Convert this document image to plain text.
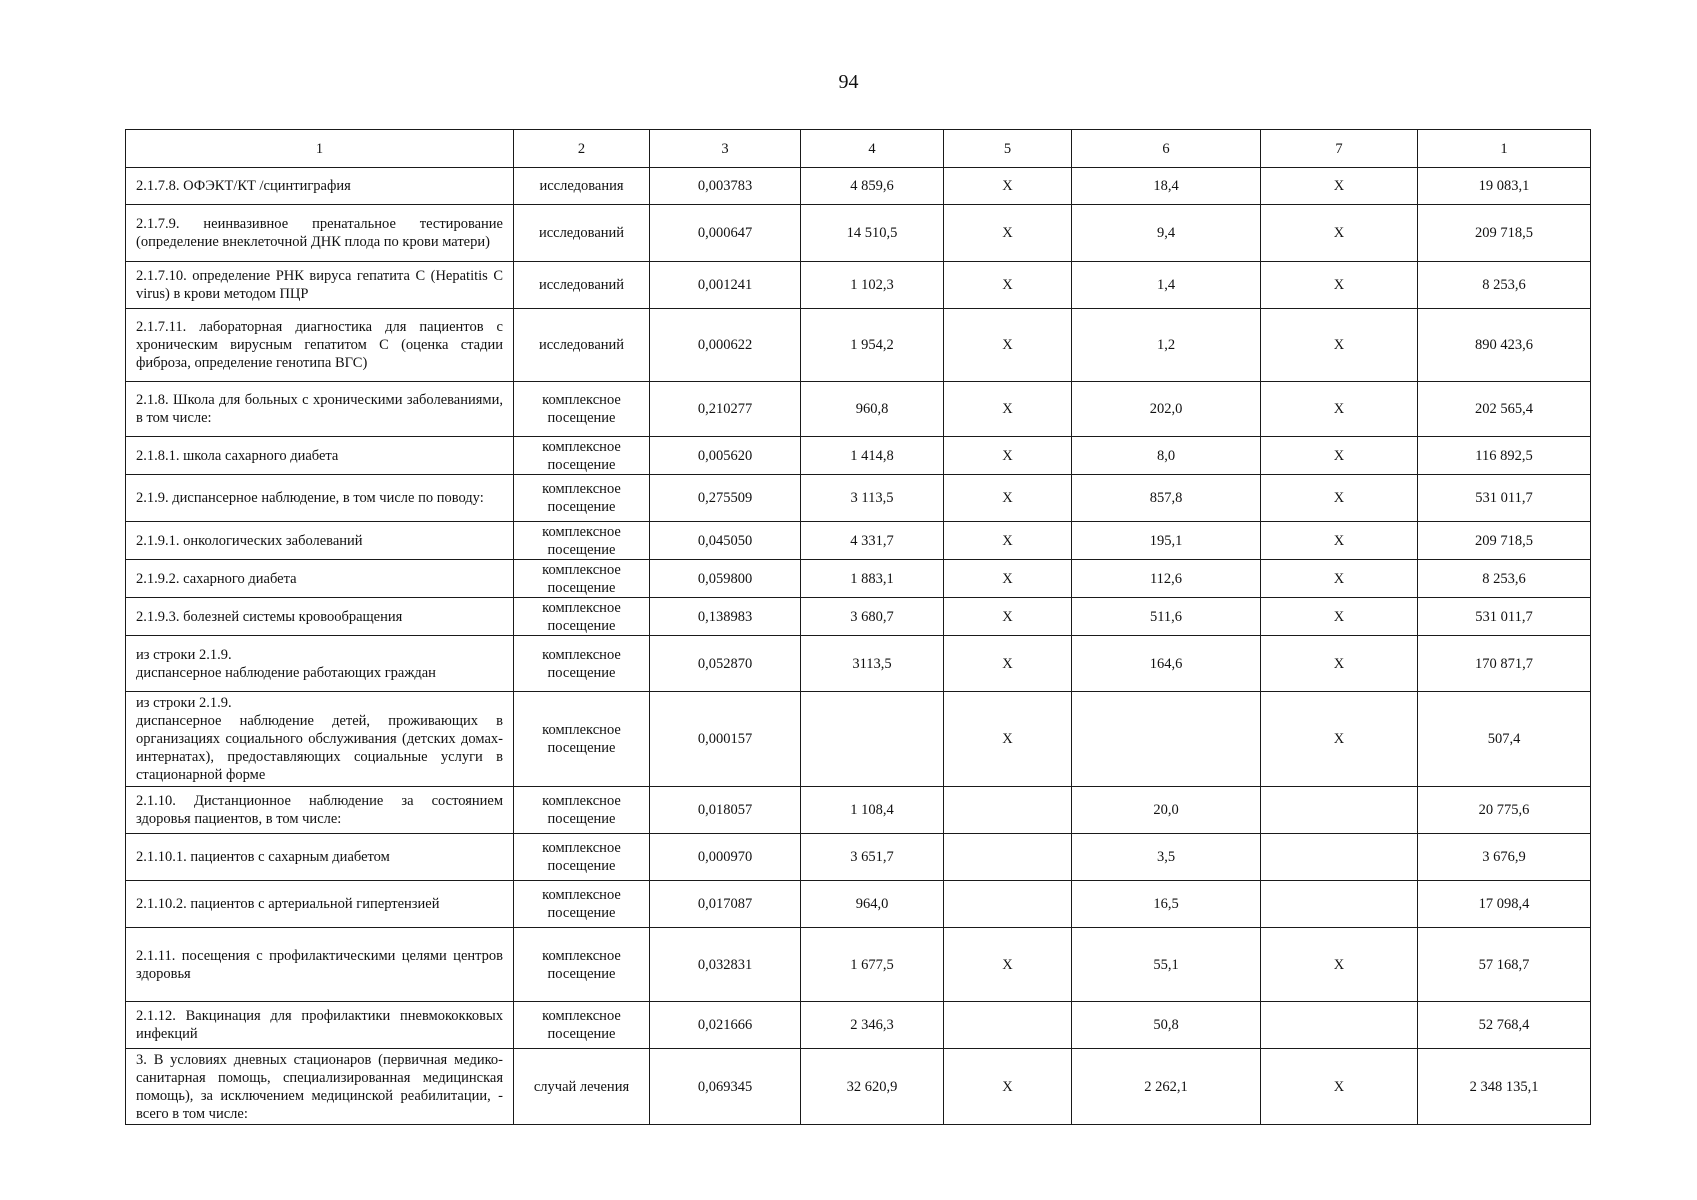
94
1	2	3	4	5	6	7	1
2.1.7.8. ОФЭКТ/КТ /сцинтиграфия	исследования	0,003783	4 859,6	Х	18,4	Х	19 083,1
2.1.7.9. неинвазивное пренатальное тестирование (определение внеклеточной ДНК плода по крови матери)	исследований	0,000647	14 510,5	Х	9,4	Х	209 718,5
2.1.7.10. определение РНК вируса гепатита С (Hepatitis C virus) в крови методом ПЦР	исследований	0,001241	1 102,3	Х	1,4	Х	8 253,6
2.1.7.11. лабораторная диагностика для пациентов с хроническим вирусным гепатитом С (оценка стадии фиброза, определение генотипа ВГС)	исследований	0,000622	1 954,2	Х	1,2	Х	890 423,6
2.1.8. Школа для больных с хроническими заболеваниями, в том числе:	комплексное посещение	0,210277	960,8	Х	202,0	Х	202 565,4
2.1.8.1. школа сахарного диабета	комплексное посещение	0,005620	1 414,8	Х	8,0	Х	116 892,5
2.1.9. диспансерное наблюдение, в том числе по поводу:	комплексное посещение	0,275509	3 113,5	Х	857,8	Х	531 011,7
2.1.9.1. онкологических заболеваний	комплексное посещение	0,045050	4 331,7	Х	195,1	Х	209 718,5
2.1.9.2. сахарного диабета	комплексное посещение	0,059800	1 883,1	Х	112,6	Х	8 253,6
2.1.9.3. болезней системы кровообращения	комплексное посещение	0,138983	3 680,7	Х	511,6	Х	531 011,7
из строки 2.1.9.
диспансерное наблюдение работающих граждан	комплексное посещение	0,052870	3113,5	Х	164,6	Х	170 871,7
из строки 2.1.9.
диспансерное наблюдение детей, проживающих в организациях социального обслуживания (детских домах-интернатах), предоставляющих социальные услуги в стационарной форме	комплексное посещение	0,000157		Х		Х	507,4
2.1.10. Дистанционное наблюдение за состоянием здоровья пациентов, в том числе:	комплексное посещение	0,018057	1 108,4		20,0		20 775,6
2.1.10.1. пациентов с сахарным диабетом	комплексное посещение	0,000970	3 651,7		3,5		3 676,9
2.1.10.2. пациентов с артериальной гипертензией	комплексное посещение	0,017087	964,0		16,5		17 098,4
2.1.11. посещения с профилактическими целями центров здоровья	комплексное посещение	0,032831	1 677,5	Х	55,1	Х	57 168,7
2.1.12. Вакцинация для профилактики пневмококковых инфекций	комплексное посещение	0,021666	2 346,3		50,8		52 768,4
3. В условиях дневных стационаров (первичная медико-санитарная помощь, специализированная медицинская помощь), за исключением медицинской реабилитации, - всего в том числе:	случай лечения	0,069345	32 620,9	Х	2 262,1	Х	2 348 135,1
